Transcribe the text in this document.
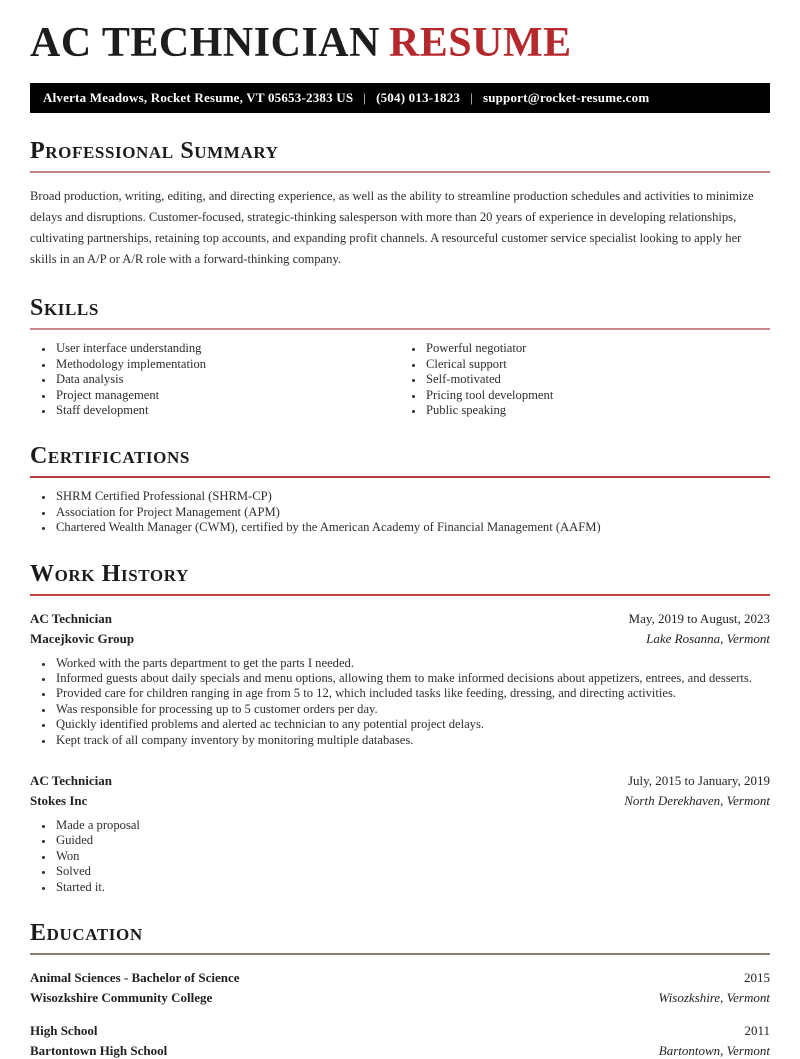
AC TECHNICIAN RESUME
Alverta Meadows, Rocket Resume, VT 05653-2383 US | (504) 013-1823 | support@rocket-resume.com
Professional Summary

Broad production, writing, editing, and directing experience, as well as the ability to streamline production schedules and activities to minimize delays and disruptions. Customer-focused, strategic-thinking salesperson with more than 20 years of experience in developing relationships, cultivating partnerships, retaining top accounts, and expanding profit channels. A resourceful customer service specialist looking to apply her skills in an A/P or A/R role with a forward-thinking company.

Skills
• User interface understanding
• Methodology implementation
• Data analysis
• Project management
• Staff development
• Powerful negotiator
• Clerical support
• Self-motivated
• Pricing tool development
• Public speaking
Certifications
• SHRM Certified Professional (SHRM-CP)
• Association for Project Management (APM)
• Chartered Wealth Manager (CWM), certified by the American Academy of Financial Management (AAFM)
Work History
AC Technician	May, 2019 to August, 2023
Macejkovic Group	Lake Rosanna, Vermont
• Worked with the parts department to get the parts I needed.
• Informed guests about daily specials and menu options, allowing them to make informed decisions about appetizers, entrees, and desserts.
• Provided care for children ranging in age from 5 to 12, which included tasks like feeding, dressing, and directing activities.
• Was responsible for processing up to 5 customer orders per day.
• Quickly identified problems and alerted ac technician to any potential project delays.
• Kept track of all company inventory by monitoring multiple databases.
AC Technician	July, 2015 to January, 2019
Stokes Inc	North Derekhaven, Vermont
• Made a proposal
• Guided
• Won
• Solved
• Started it.
Education
Animal Sciences - Bachelor of Science	2015
Wisozkshire Community College	Wisozkshire, Vermont
High School	2011
Bartontown High School	Bartontown, Vermont
